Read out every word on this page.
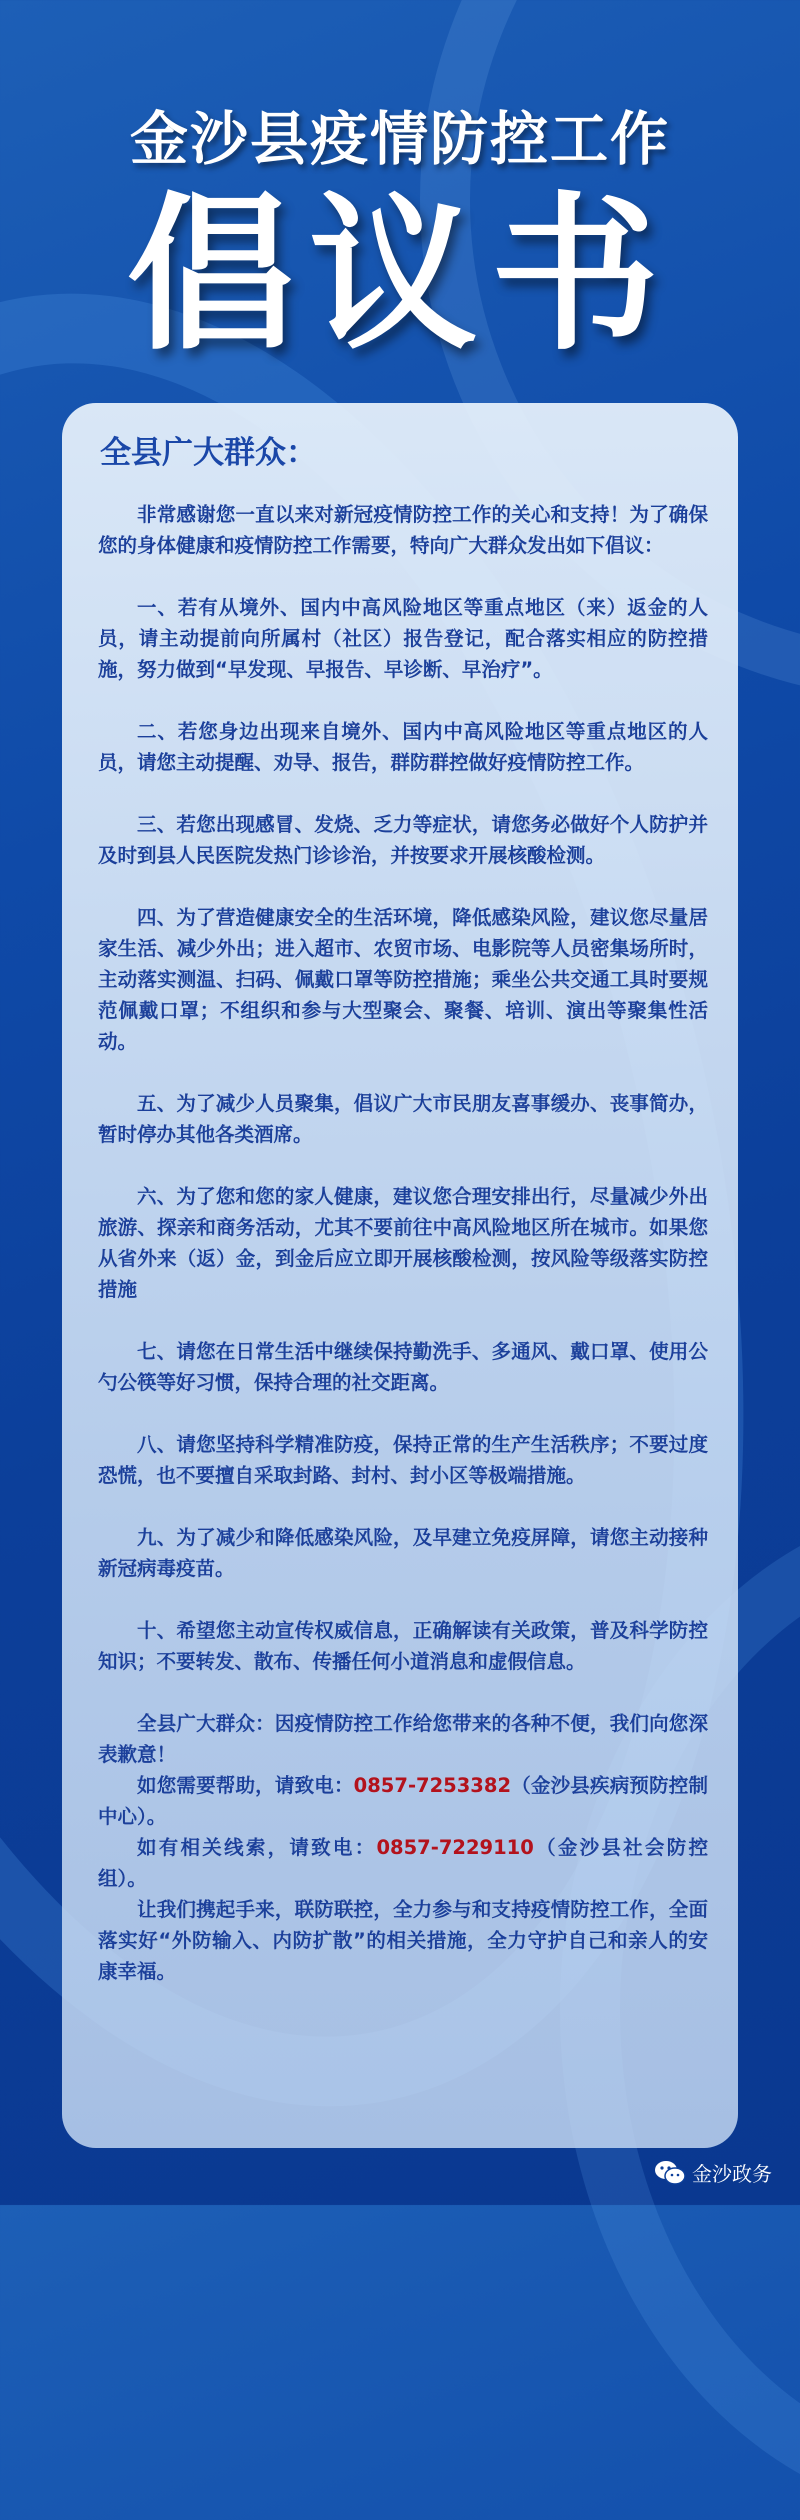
金沙县疫情防控工作
倡议书
全县广大群众：

非常感谢您一直以来对新冠疫情防控工作的关心和支持！为了确保您的身体健康和疫情防控工作需要，特向广大群众发出如下倡议：

一、若有从境外、国内中高风险地区等重点地区（来）返金的人员，请主动提前向所属村（社区）报告登记，配合落实相应的防控措施，努力做到“早发现、早报告、早诊断、早治疗”。

二、若您身边出现来自境外、国内中高风险地区等重点地区的人员，请您主动提醒、劝导、报告，群防群控做好疫情防控工作。

三、若您出现感冒、发烧、乏力等症状，请您务必做好个人防护并及时到县人民医院发热门诊诊治，并按要求开展核酸检测。

四、为了营造健康安全的生活环境，降低感染风险，建议您尽量居家生活、减少外出；进入超市、农贸市场、电影院等人员密集场所时，主动落实测温、扫码、佩戴口罩等防控措施；乘坐公共交通工具时要规范佩戴口罩；不组织和参与大型聚会、聚餐、培训、演出等聚集性活动。

五、为了减少人员聚集，倡议广大市民朋友喜事缓办、丧事简办，暂时停办其他各类酒席。

六、为了您和您的家人健康，建议您合理安排出行，尽量减少外出旅游、探亲和商务活动，尤其不要前往中高风险地区所在城市。如果您从省外来（返）金，到金后应立即开展核酸检测，按风险等级落实防控措施

七、请您在日常生活中继续保持勤洗手、多通风、戴口罩、使用公勺公筷等好习惯，保持合理的社交距离。

八、请您坚持科学精准防疫，保持正常的生产生活秩序；不要过度恐慌，也不要擅自采取封路、封村、封小区等极端措施。

九、为了减少和降低感染风险，及早建立免疫屏障，请您主动接种新冠病毒疫苗。

十、希望您主动宣传权威信息，正确解读有关政策，普及科学防控知识；不要转发、散布、传播任何小道消息和虚假信息。

全县广大群众：因疫情防控工作给您带来的各种不便，我们向您深表歉意！

如您需要帮助，请致电：0857-7253382（金沙县疾病预防控制中心）。

如有相关线索，请致电：0857-7229110（金沙县社会防控组）。

让我们携起手来，联防联控，全力参与和支持疫情防控工作，全面落实好“外防输入、内防扩散”的相关措施，全力守护自己和亲人的安康幸福。

金沙政务
